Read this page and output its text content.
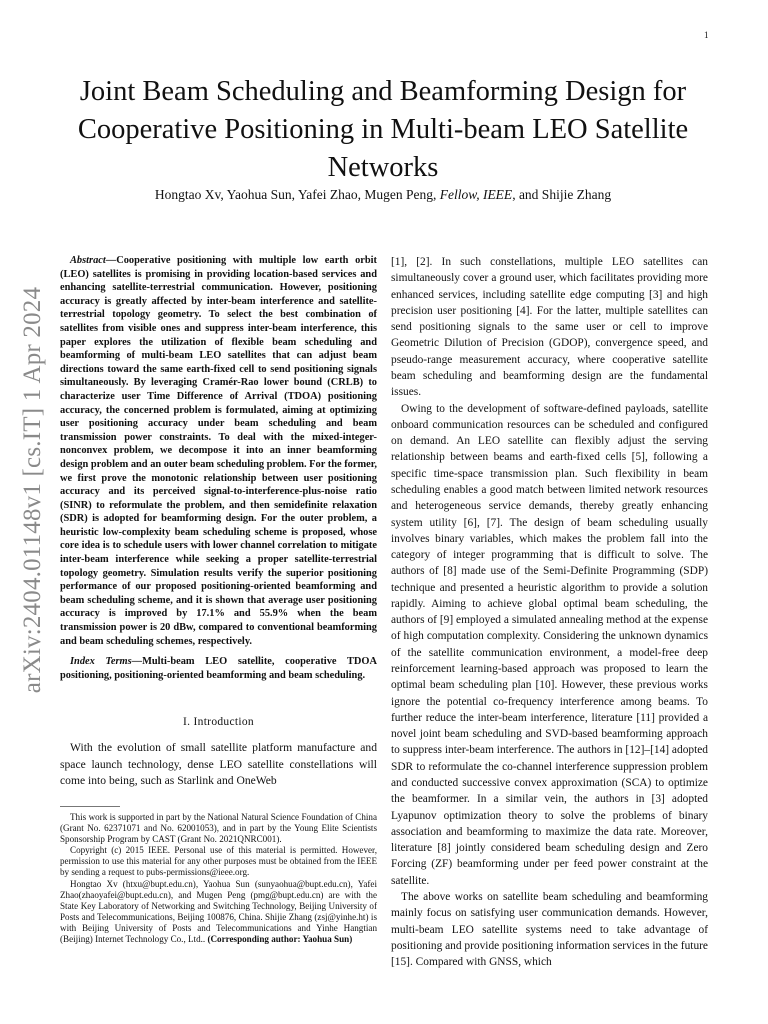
1
arXiv:2404.01148v1 [cs.IT] 1 Apr 2024
Joint Beam Scheduling and Beamforming Design for Cooperative Positioning in Multi-beam LEO Satellite Networks
Hongtao Xv, Yaohua Sun, Yafei Zhao, Mugen Peng, Fellow, IEEE, and Shijie Zhang

Abstract—Cooperative positioning with multiple low earth orbit (LEO) satellites is promising in providing location-based services and enhancing satellite-terrestrial communication. However, positioning accuracy is greatly affected by inter-beam interference and satellite-terrestrial topology geometry. To select the best combination of satellites from visible ones and suppress inter-beam interference, this paper explores the utilization of flexible beam scheduling and beamforming of multi-beam LEO satellites that can adjust beam directions toward the same earth-fixed cell to send positioning signals simultaneously. By leveraging Cramér-Rao lower bound (CRLB) to characterize user Time Difference of Arrival (TDOA) positioning accuracy, the concerned problem is formulated, aiming at optimizing user positioning accuracy under beam scheduling and beam transmission power constraints. To deal with the mixed-integer-nonconvex problem, we decompose it into an inner beamforming design problem and an outer beam scheduling problem. For the former, we first prove the monotonic relationship between user positioning accuracy and its perceived signal-to-interference-plus-noise ratio (SINR) to reformulate the problem, and then semidefinite relaxation (SDR) is adopted for beamforming design. For the outer problem, a heuristic low-complexity beam scheduling scheme is proposed, whose core idea is to schedule users with lower channel correlation to mitigate inter-beam interference while seeking a proper satellite-terrestrial topology geometry. Simulation results verify the superior positioning performance of our proposed positioning-oriented beamforming and beam scheduling scheme, and it is shown that average user positioning accuracy is improved by 17.1% and 55.9% when the beam transmission power is 20 dBw, compared to conventional beamforming and beam scheduling schemes, respectively.

Index Terms—Multi-beam LEO satellite, cooperative TDOA positioning, positioning-oriented beamforming and beam scheduling.

I. Introduction

With the evolution of small satellite platform manufacture and space launch technology, dense LEO satellite constellations will come into being, such as Starlink and OneWeb

This work is supported in part by the National Natural Science Foundation of China (Grant No. 62371071 and No. 62001053), and in part by the Young Elite Scientists Sponsorship Program by CAST (Grant No. 2021QNRC001).

Copyright (c) 2015 IEEE. Personal use of this material is permitted. However, permission to use this material for any other purposes must be obtained from the IEEE by sending a request to pubs-permissions@ieee.org.

Hongtao Xv (htxu@bupt.edu.cn), Yaohua Sun (sunyaohua@bupt.edu.cn), Yafei Zhao(zhaoyafei@bupt.edu.cn), and Mugen Peng (pmg@bupt.edu.cn) are with the State Key Laboratory of Networking and Switching Technology, Beijing University of Posts and Telecommunications, Beijing 100876, China. Shijie Zhang (zsj@yinhe.ht) is with Beijing University of Posts and Telecommunications and Yinhe Hangtian (Beijing) Internet Technology Co., Ltd.. (Corresponding author: Yaohua Sun)

[1], [2]. In such constellations, multiple LEO satellites can simultaneously cover a ground user, which facilitates providing more enhanced services, including satellite edge computing [3] and high precision user positioning [4]. For the latter, multiple satellites can send positioning signals to the same user or cell to improve Geometric Dilution of Precision (GDOP), convergence speed, and pseudo-range measurement accuracy, where cooperative satellite beam scheduling and beamforming design are the fundamental issues.

Owing to the development of software-defined payloads, satellite onboard communication resources can be scheduled and configured on demand. An LEO satellite can flexibly adjust the serving relationship between beams and earth-fixed cells [5], following a specific time-space transmission plan. Such flexibility in beam scheduling enables a good match between limited network resources and heterogeneous service demands, thereby greatly enhancing system utility [6], [7]. The design of beam scheduling usually involves binary variables, which makes the problem fall into the category of integer programming that is difficult to solve. The authors of [8] made use of the Semi-Definite Programming (SDP) technique and presented a heuristic algorithm to provide a solution rapidly. Aiming to achieve global optimal beam scheduling, the authors of [9] employed a simulated annealing method at the expense of high computation complexity. Considering the unknown dynamics of the satellite communication environment, a model-free deep reinforcement learning-based approach was proposed to learn the optimal beam scheduling plan [10]. However, these previous works ignore the potential co-frequency interference among beams. To further reduce the inter-beam interference, literature [11] provided a novel joint beam scheduling and SVD-based beamforming approach to suppress inter-beam interference. The authors in [12]–[14] adopted SDR to reformulate the co-channel interference suppression problem and conducted successive convex approximation (SCA) to optimize the beamformer. In a similar vein, the authors in [3] adopted Lyapunov optimization theory to solve the problems of binary association and beamforming to maximize the data rate. Moreover, literature [8] jointly considered beam scheduling design and Zero Forcing (ZF) beamforming under per feed power constraint at the satellite.

The above works on satellite beam scheduling and beamforming mainly focus on satisfying user communication demands. However, multi-beam LEO satellite systems need to take advantage of positioning and provide positioning information services in the future [15]. Compared with GNSS, which
